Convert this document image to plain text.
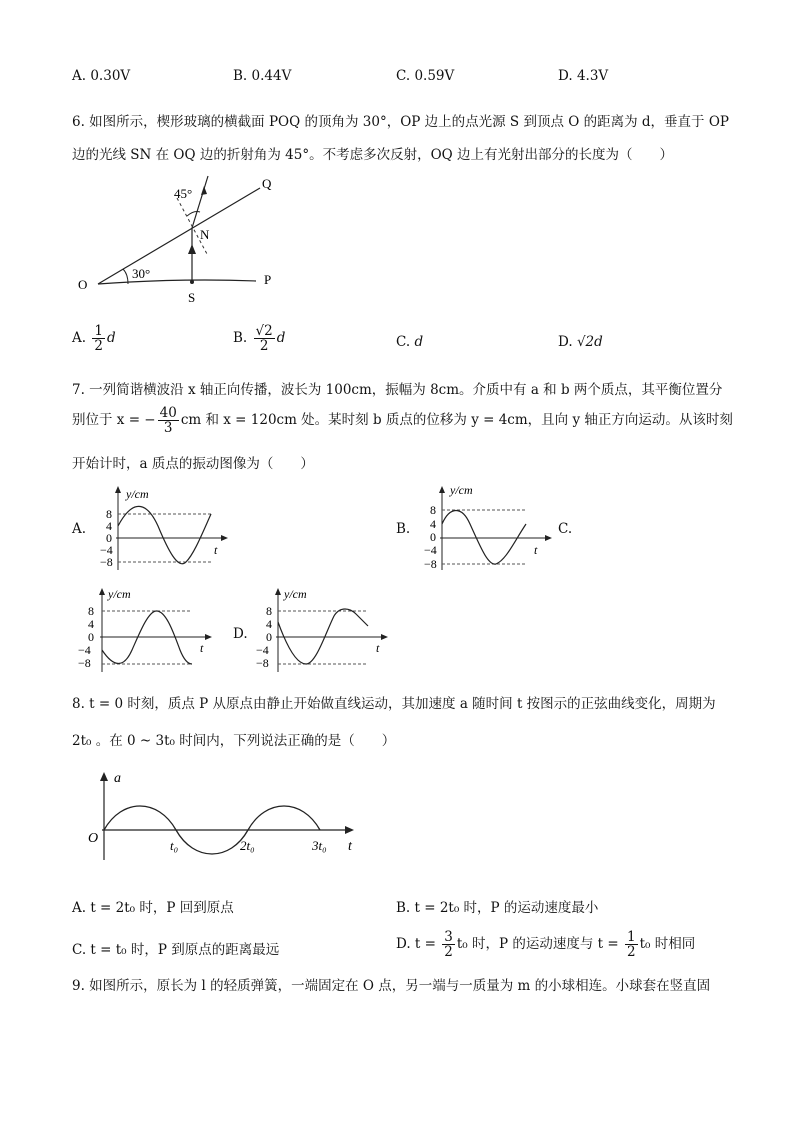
A. 0.30V	B. 0.44V	C. 0.59V	D. 4.3V
6. 如图所示，楔形玻璃的横截面 POQ 的顶角为 30°，OP 边上的点光源 S 到顶点 O 的距离为 d，垂直于 OP
边的光线 SN 在 OQ 边的折射角为 45°。不考虑多次反射，OQ 边上有光射出部分的长度为（　　）
45°
30°
O	P
Q
N
S
A. $\frac{1}{2}$ d	B. $\frac{√2}{2}$ d	C. d	D. √2d
7. 一列简谐横波沿 x 轴正向传播，波长为 100cm，振幅为 8cm。介质中有 a 和 b 两个质点，其平衡位置分
别位于 x = − $\frac{40}{3}$ cm 和 x = 120cm 处。某时刻 b 质点的位移为 y = 4cm，且向 y 轴正方向运动。从该时刻
开始计时，a 质点的振动图像为（　　）
A.
y/cm
t
8
4
0
−4
−8
B.
y/cm
t
8
4
0
−4
−8
C.
y/cm
t
8
4
0
−4
−8
D.
y/cm
t
8
4
0
−4
−8
8. t = 0 时刻，质点 P 从原点由静止开始做直线运动，其加速度 a 随时间 t 按图示的正弦曲线变化，周期为
2t₀ 。在 0 ~ 3t₀ 时间内，下列说法正确的是（　　）
a
t
O	t₀	2t₀	3t₀
A. t = 2t₀ 时，P 回到原点	B. t = 2t₀ 时，P 的运动速度最小
C. t = t₀ 时，P 到原点的距离最远	D. $t = \frac{3}{2} t_0$ 时，P 的运动速度与 $t = \frac{1}{2} t_0$ 时相同
9. 如图所示，原长为 l 的轻质弹簧，一端固定在 O 点，另一端与一质量为 m 的小球相连。小球套在竖直固
